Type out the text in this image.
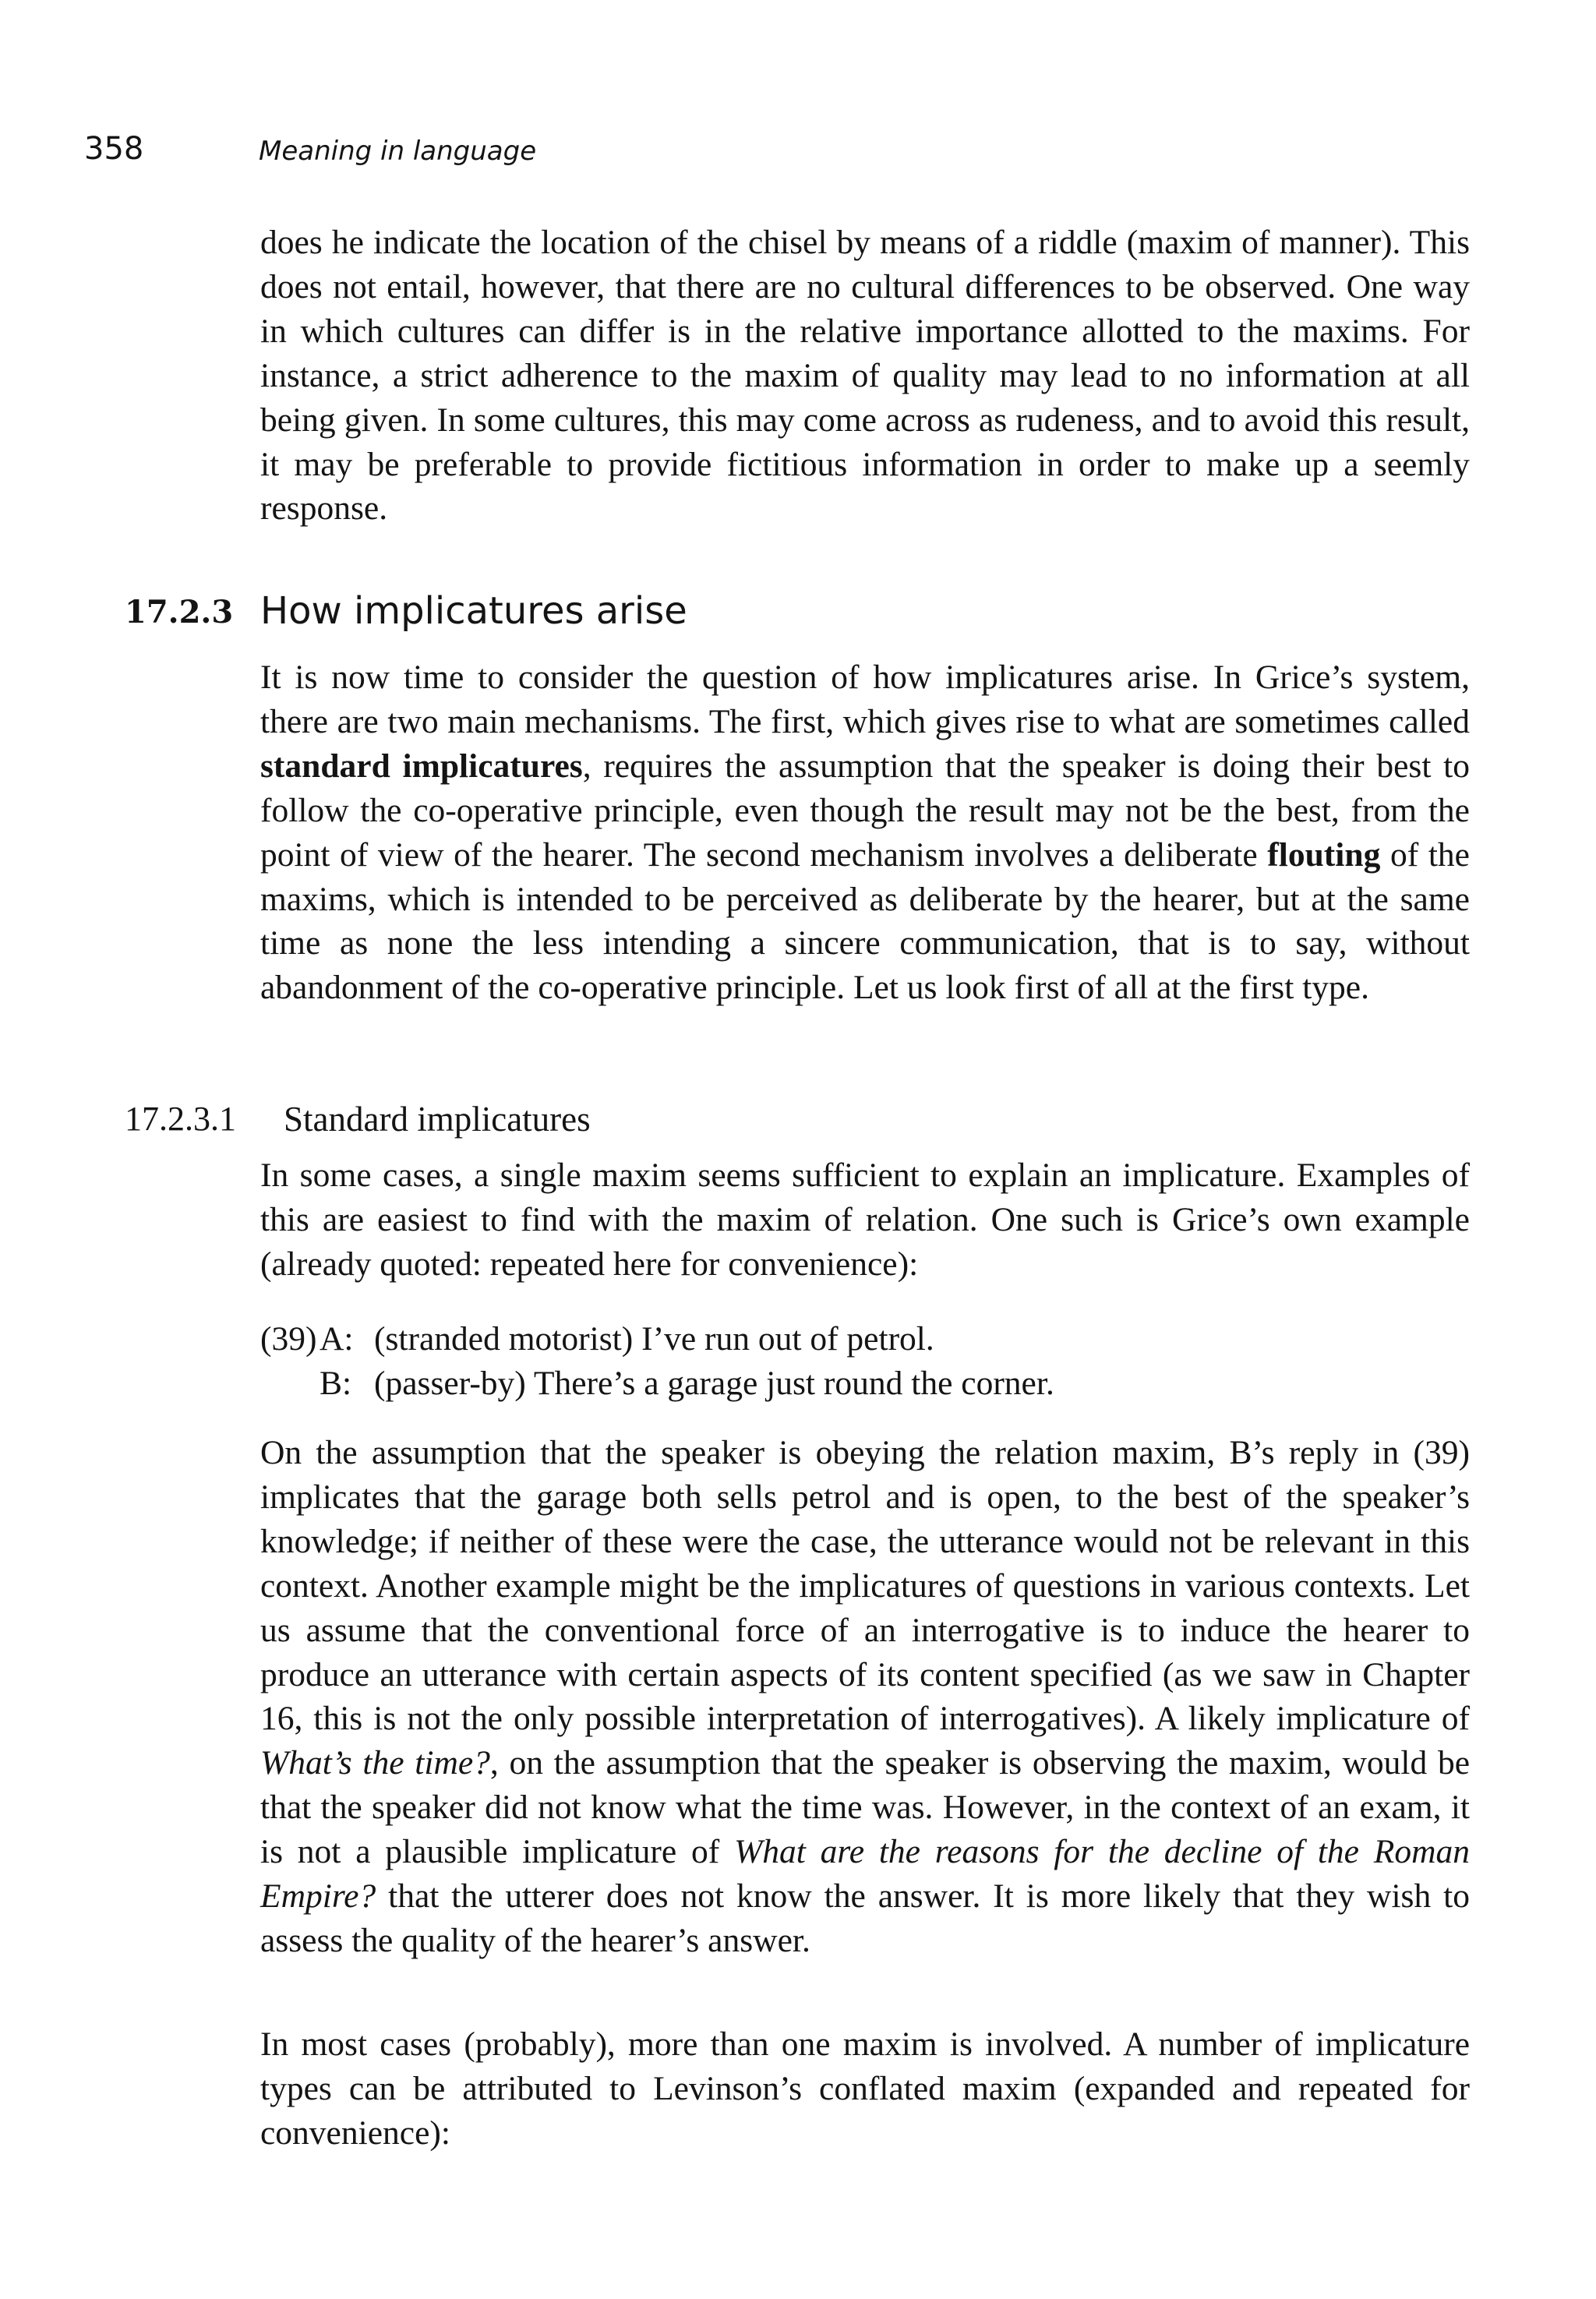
358	Meaning in language

does he indicate the location of the chisel by means of a riddle (maxim of manner). This does not entail, however, that there are no cultural differences to be observed. One way in which cultures can differ is in the relative importance allotted to the maxims. For instance, a strict adherence to the maxim of quality may lead to no information at all being given. In some cultures, this may come across as rudeness, and to avoid this result, it may be preferable to provide fictitious information in order to make up a seemly response.

17.2.3 How implicatures arise

It is now time to consider the question of how implicatures arise. In Grice’s system, there are two main mechanisms. The first, which gives rise to what are sometimes called standard implicatures, requires the assumption that the speaker is doing their best to follow the co-operative principle, even though the result may not be the best, from the point of view of the hearer. The second mechanism involves a deliberate flouting of the maxims, which is intended to be perceived as deliberate by the hearer, but at the same time as none the less intending a sincere communication, that is to say, without abandonment of the co-operative principle. Let us look first of all at the first type.

17.2.3.1 Standard implicatures

In some cases, a single maxim seems sufficient to explain an implicature. Examples of this are easiest to find with the maxim of relation. One such is Grice’s own example (already quoted: repeated here for convenience):

(39) A: (stranded motorist) I’ve run out of petrol.
B: (passer-by) There’s a garage just round the corner.

On the assumption that the speaker is obeying the relation maxim, B’s reply in (39) implicates that the garage both sells petrol and is open, to the best of the speaker’s knowledge; if neither of these were the case, the utterance would not be relevant in this context. Another example might be the implicatures of questions in various contexts. Let us assume that the conventional force of an interrogative is to induce the hearer to produce an utterance with certain aspects of its content specified (as we saw in Chapter 16, this is not the only possible interpretation of interrogatives). A likely implicature of What’s the time?, on the assumption that the speaker is observing the maxim, would be that the speaker did not know what the time was. However, in the context of an exam, it is not a plausible implicature of What are the reasons for the decline of the Roman Empire? that the utterer does not know the answer. It is more likely that they wish to assess the quality of the hearer’s answer.

In most cases (probably), more than one maxim is involved. A number of implicature types can be attributed to Levinson’s conflated maxim (expanded and repeated for convenience):
